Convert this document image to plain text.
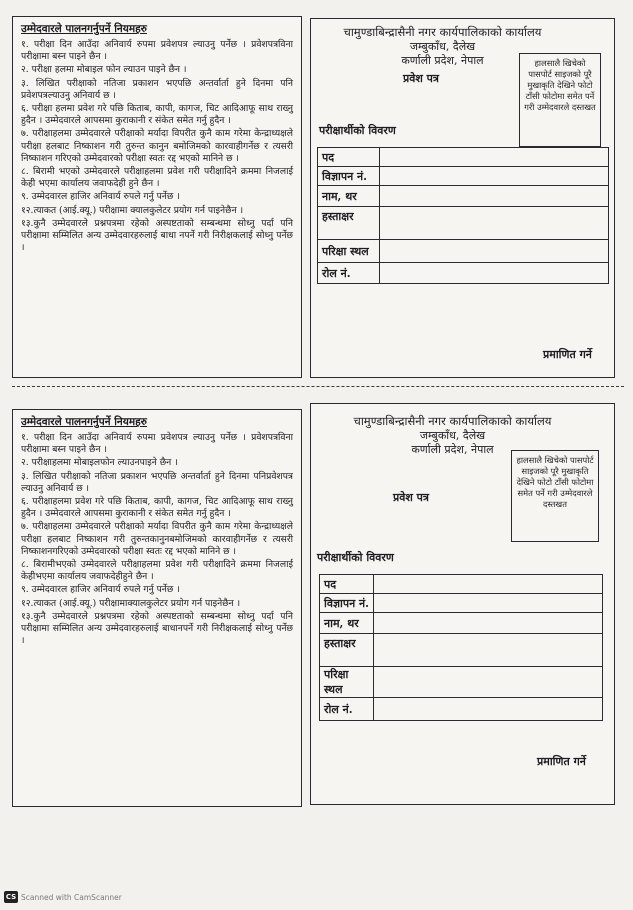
उम्मेदवारले पालनगर्नुपर्ने नियमहरु
१. परीक्षा दिन आउँदा अनिवार्य रुपमा प्रवेशपत्र ल्याउनु पर्नेछ । प्रवेशपत्रविना परीक्षामा बस्न पाइने छैन ।
२. परीक्षा हलमा मोबाइल फोन ल्याउन पाइने छैन ।
३. लिखित परीक्षाको नतिजा प्रकाशन भएपछि अन्तर्वार्ता हुने दिनमा पनि प्रवेशपत्रल्याउनु अनिवार्य छ ।
६. परीक्षा हलमा प्रवेश गरे पछि किताब, कापी, कागज, चिट आदिआफू साथ राख्नु हुदैन । उम्मेदवारले आपसमा कुराकानी र संकेत समेत गर्नु हुदैन ।
७. परीक्षाहलमा उम्मेदवारले परीक्षाको मर्यादा विपरीत कुनै काम गरेमा केन्द्राध्यक्षले परीक्षा हलबाट निष्काशन गरी तुरुन्त कानुन बमोजिमको कारवाहीगर्नेछ र त्यसरी निष्काशन गरिएको उम्मेदवारको परीक्षा स्वतः रद्द भएको मानिने छ ।
८. बिरामी भएको उम्मेदवारले परीक्षाहलमा प्रवेश गरी परीक्षादिने क्रममा निजलाई केही भएमा कार्यालय जवाफदेही हुने छैन ।
९. उम्मेदवारल हाजिर अनिवार्य रुपले गर्नु पर्नेछ ।
१२.त्याकत (आई.क्यू.) परीक्षामा क्यालकुलेटर प्रयोग गर्न पाइनेछैन ।
१३.कुनै उम्मेदवारले प्रश्नपत्रमा रहेको अस्पष्टताको सम्बन्धमा सोध्नु पर्दा पनि परीक्षामा सम्मिलित अन्य उम्मेदवारहरुलाई बाधा नपर्ने गरी निरीक्षकलाई सोध्नु पर्नेछ ।
चामुण्डाबिन्द्रासैनी नगर कार्यपालिकाको कार्यालय
जम्बुकाँध, दैलेख
कर्णाली प्रदेश, नेपाल
प्रवेश पत्र
हालसालै खिचेको पासपोर्ट साइजको पूरै मुखाकृति देखिने फोटो टाँसी फोटोमा समेत पर्ने गरी उम्मेदवारले दस्तखत
परीक्षार्थीको विवरण
पद	
विज्ञापन नं.	
नाम, थर	
हस्ताक्षर	
परिक्षा स्थल	
रोल नं.	
प्रमाणित गर्ने
उम्मेदवारले पालनगर्नुपर्ने नियमहरु
१. परीक्षा दिन आउँदा अनिवार्य रुपमा प्रवेशपत्र ल्याउनु पर्नेछ । प्रवेशपत्रविना परीक्षामा बस्न पाइने छैन ।
२. परीक्षाहलमा मोबाइलफोन ल्याउनपाइने छैन ।
३. लिखित परीक्षाको नतिजा प्रकाशन भएपछि अन्तर्वार्ता हुने दिनमा पनिप्रवेशपत्र ल्याउनु अनिवार्य छ ।
६. परीक्षाहलमा प्रवेश गरे पछि किताब, कापी, कागज, चिट आदिआफू साथ राख्नु हुदैन । उम्मेदवारले आपसमा कुराकानी र संकेत समेत गर्नु हुदैन ।
७. परीक्षाहलमा उम्मेदवारले परीक्षाको मर्यादा विपरीत कुनै काम गरेमा केन्द्राध्यक्षले परीक्षा हलबाट निष्काशन गरी तुरुन्तकानुनबमोजिमको कारवाहीगर्नेछ र त्यसरी निष्काशनगरिएको उम्मेदवारको परीक्षा स्वतः रद्द भएको मानिने छ ।
८. बिरामीभएको उम्मेदवारले परीक्षाहलमा प्रवेश गरी परीक्षादिने क्रममा निजलाई केहीभएमा कार्यालय जवाफदेहीहुने छैन ।
९. उम्मेदवारल हाजिर अनिवार्य रुपले गर्नु पर्नेछ ।
१२.त्याकत (आई.क्यू.) परीक्षामाक्यालकुलेटर प्रयोग गर्न पाइनेछैन ।
१३.कुनै उम्मेदवारले प्रश्नपत्रमा रहेको अस्पष्टताको सम्बन्धमा सोध्नु पर्दा पनि परीक्षामा सम्मिलित अन्य उम्मेदवारहरुलाई बाधानपर्ने गरी निरीक्षकलाई सोध्नु पर्नेछ ।
चामुण्डाबिन्द्रासैनी नगर कार्यपालिकाको कार्यालय
जम्बुकाँध, दैलेख
कर्णाली प्रदेश, नेपाल
प्रवेश पत्र
हालसालै खिचेको पासपोर्ट साइजको पूरै मुखाकृति देखिने फोटो टाँसी फोटोमा समेत पर्ने गरी उम्मेदवारले दस्तखत
परीक्षार्थीको विवरण
पद	
विज्ञापन नं.	
नाम, थर	
हस्ताक्षर	
परिक्षा स्थल	
रोल नं.	
प्रमाणित गर्ने
CS Scanned with CamScanner
